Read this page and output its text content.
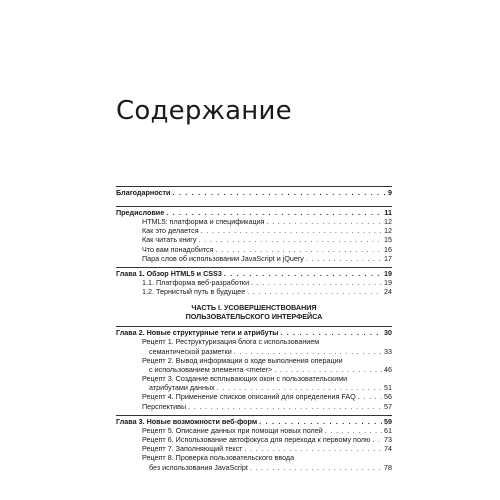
Содержание
Благодарности . . .	9
Предисловие . . .	11
HTML5: платформа и спецификация . . .	12
Как это делается . . .	12
Как читать книгу . . .	15
Что вам понадобится . . .	16
Пара слов об использовании JavaScript и jQuery . . .	17
Глава 1. Обзор HTML5 и CSS3 . . .	19
1.1. Платформа веб-разработки . . .	19
1.2. Тернистый путь в будущее . . .	24
ЧАСТЬ I. УСОВЕРШЕНСТВОВАНИЯ
ПОЛЬЗОВАТЕЛЬСКОГО ИНТЕРФЕЙСА
Глава 2. Новые структурные теги и атрибуты . . .	30
Рецепт 1. Реструктуризация блога с использованием
семантической разметки . . .	33
Рецепт 2. Вывод информации о ходе выполнения операции
с использованием элемента <meter> . . .	46
Рецепт 3. Создание всплывающих окон с пользовательскими
атрибутами данных . . .	51
Рецепт 4. Применение списков описаний для определения FAQ . . .	56
Перспективы . . .	57
Глава 3. Новые возможности веб-форм . . .	59
Рецепт 5. Описание данных при помощи новых полей . . .	61
Рецепт 6. Использование автофокуса для перехода к первому полю . . . 73
Рецепт 7. Заполняющий текст . . .	74
Рецепт 8. Проверка пользовательского ввода
без использования JavaScript . . .	78
